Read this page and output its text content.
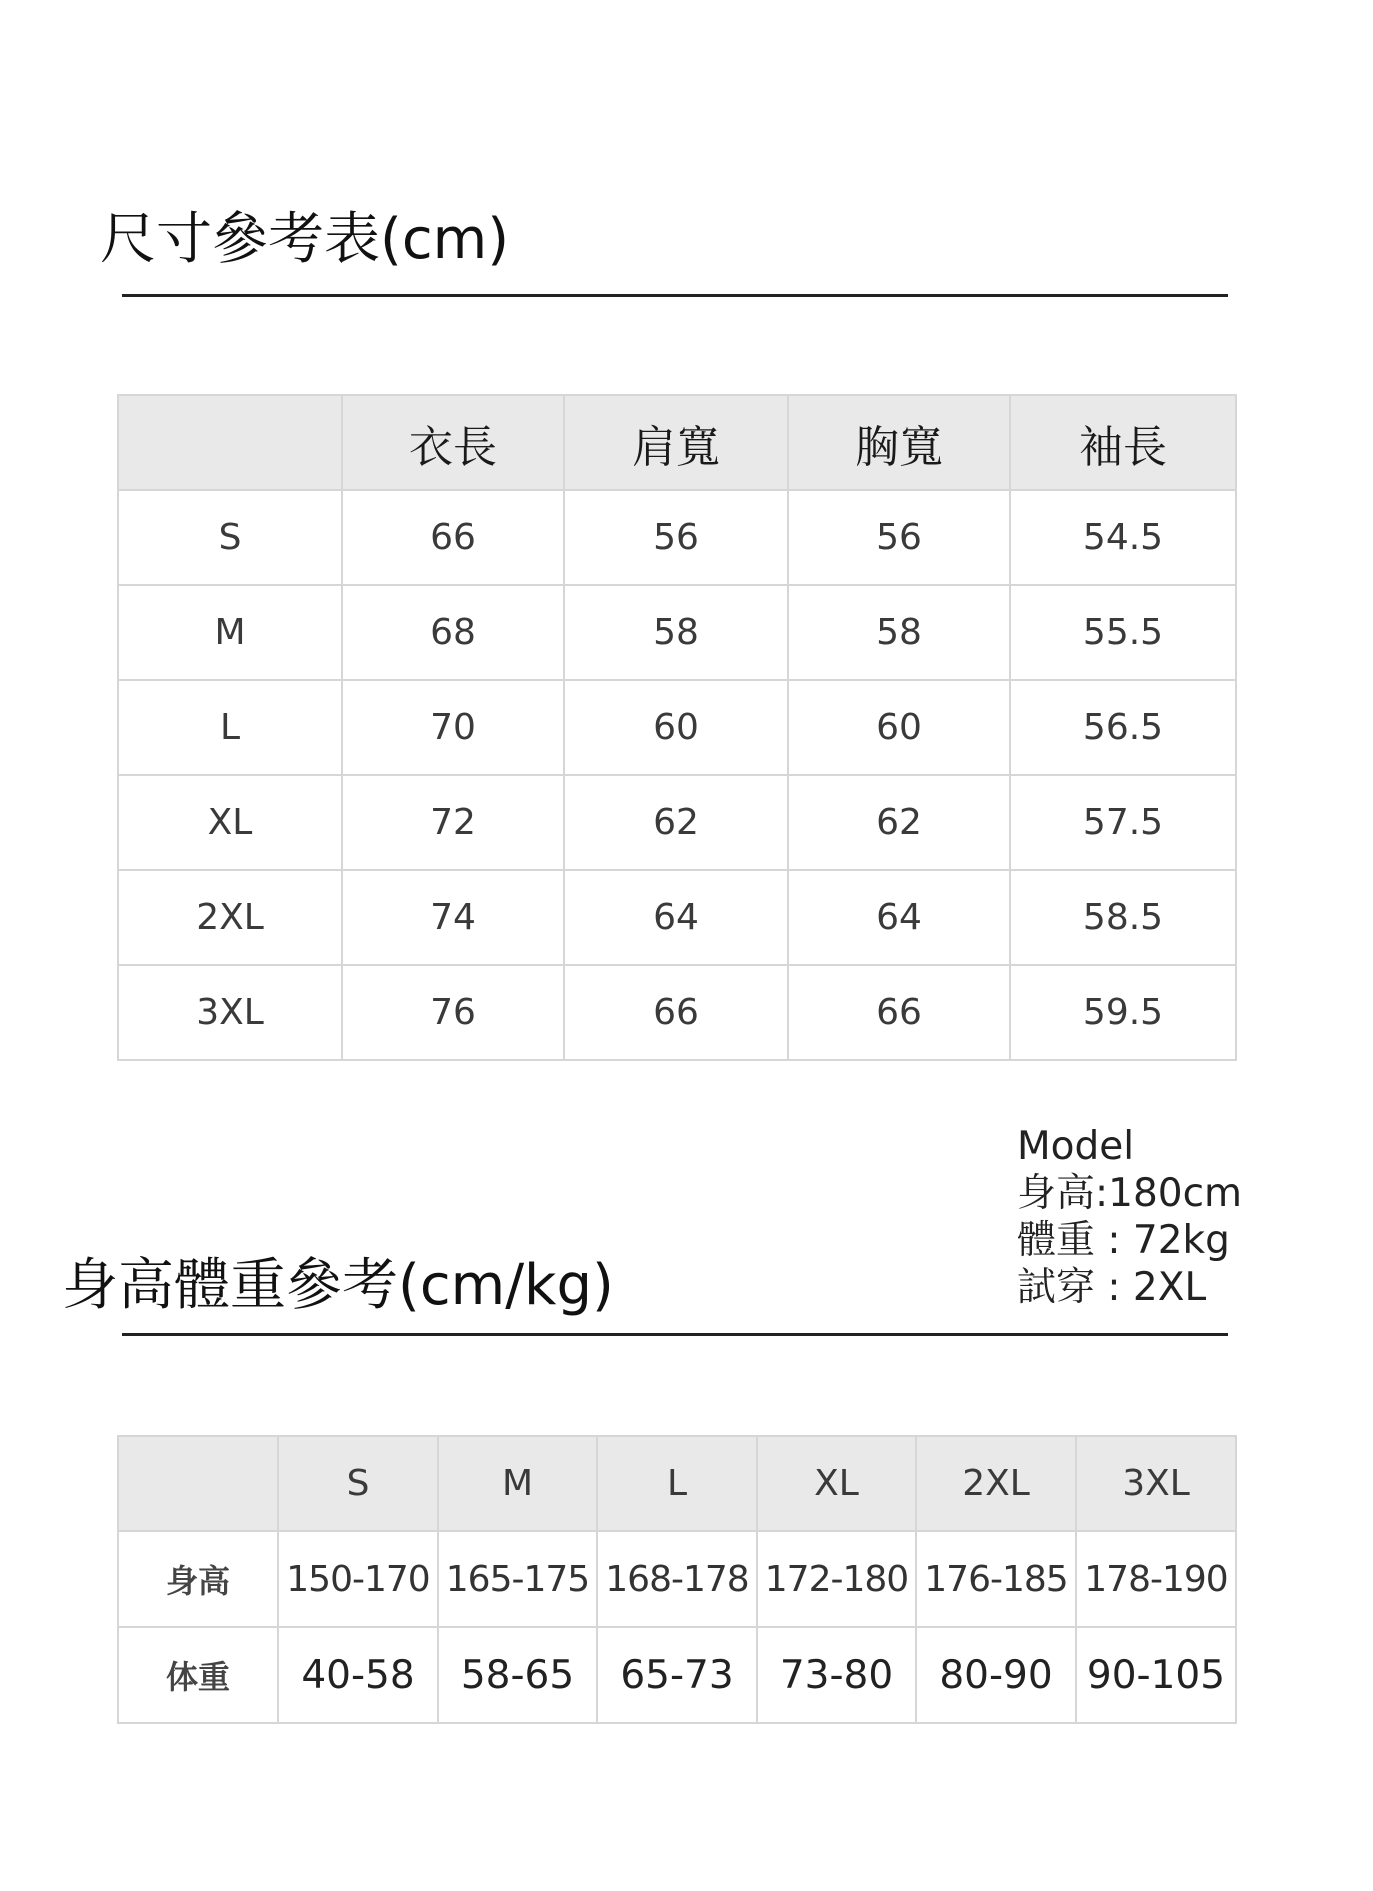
尺寸參考表(cm)
	衣長	肩寬	胸寬	袖長
S	66	56	56	54.5
M	68	58	58	55.5
L	70	60	60	56.5
XL	72	62	62	57.5
2XL	74	64	64	58.5
3XL	76	66	66	59.5
Model
身高:180cm
體重 : 72kg
試穿 : 2XL
身高體重參考(cm/kg)
	S	M	L	XL	2XL	3XL
身高	150-170	165-175	168-178	172-180	176-185	178-190
体重	40-58	58-65	65-73	73-80	80-90	90-105
